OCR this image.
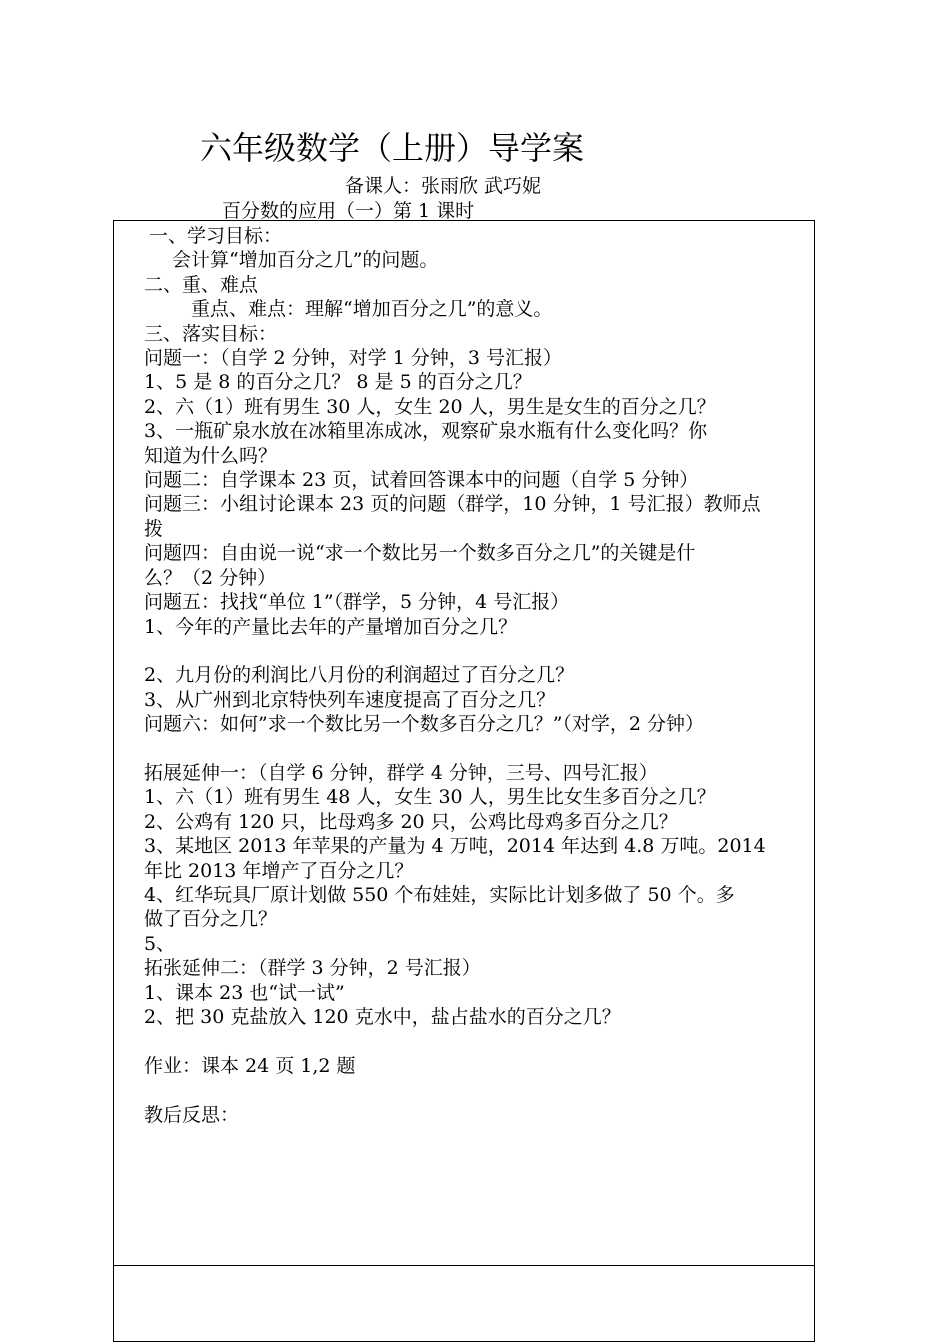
六年级数学（上册）导学案
备课人：张雨欣 武巧妮
百分数的应用（一）第 1 课时
一、学习目标：
会计算“增加百分之几”的问题。
二、重、难点
重点、难点：理解“增加百分之几”的意义。
三、落实目标：
问题一：（自学 2 分钟，对学 1 分钟，3 号汇报）
1、5 是 8 的百分之几？ 8 是 5 的百分之几？
2、六（1）班有男生 30 人，女生 20 人，男生是女生的百分之几？
3、一瓶矿泉水放在冰箱里冻成冰，观察矿泉水瓶有什么变化吗？你
知道为什么吗？
问题二：自学课本 23 页，试着回答课本中的问题（自学 5 分钟）
问题三：小组讨论课本 23 页的问题（群学，10 分钟，1 号汇报）教师点
拨
问题四：自由说一说“求一个数比另一个数多百分之几”的关键是什
么？（2 分钟）
问题五：找找“单位 1”（群学，5 分钟，4 号汇报）
1、今年的产量比去年的产量增加百分之几？
2、九月份的利润比八月份的利润超过了百分之几？
3、从广州到北京特快列车速度提高了百分之几？
问题六：如何”求一个数比另一个数多百分之几？”（对学，2 分钟）
拓展延伸一：（自学 6 分钟，群学 4 分钟，三号、四号汇报）
1、六（1）班有男生 48 人，女生 30 人，男生比女生多百分之几？
2、公鸡有 120 只，比母鸡多 20 只，公鸡比母鸡多百分之几？
3、某地区 2013 年苹果的产量为 4 万吨，2014 年达到 4.8 万吨。2014
年比 2013 年增产了百分之几？
4、红华玩具厂原计划做 550 个布娃娃，实际比计划多做了 50 个。多
做了百分之几？
5、
拓张延伸二：（群学 3 分钟，2 号汇报）
1、课本 23 也“试一试”
2、把 30 克盐放入 120 克水中，盐占盐水的百分之几？
作业：课本 24 页 1,2 题
教后反思：
